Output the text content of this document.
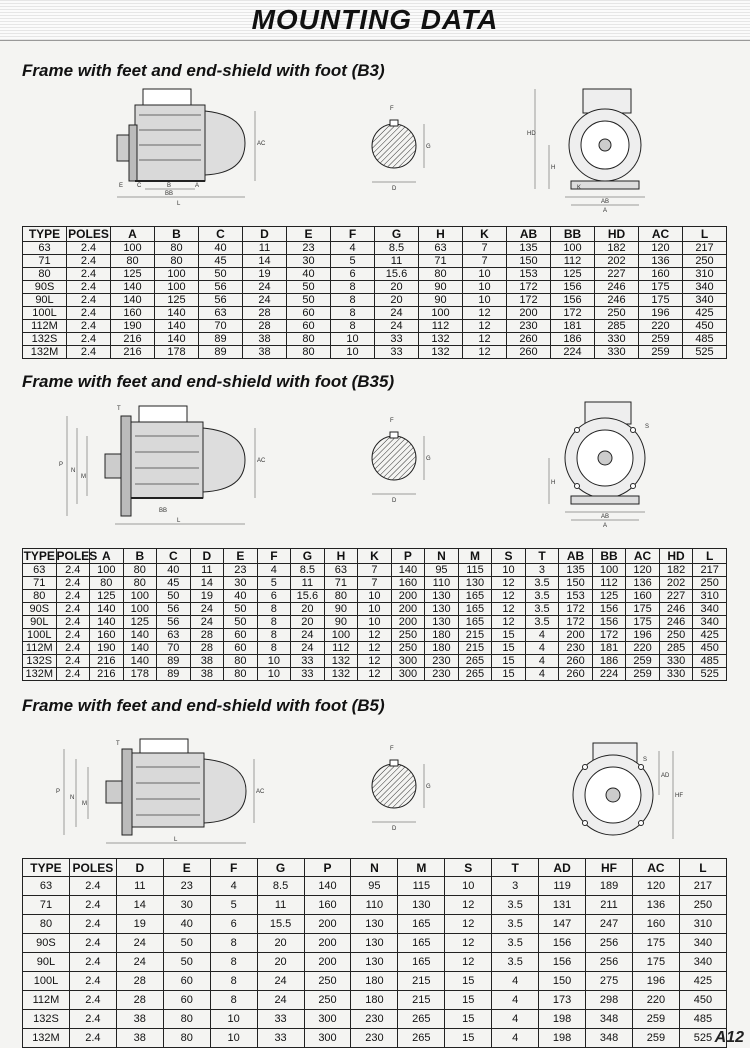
MOUNTING DATA
Frame with feet and end-shield with foot (B3)
AC
L
E C	B
BB
A
F
G
D
HD
H
K
AB
A
TYPE	POLES	A	B	C	D	E	F	G	H	K	AB	BB	HD	AC	L
63	2.4	100	80	40	11	23	4	8.5	63	7	135	100	182	120	217
71	2.4	80	80	45	14	30	5	11	71	7	150	112	202	136	250
80	2.4	125	100	50	19	40	6	15.6	80	10	153	125	227	160	310
90S	2.4	140	100	56	24	50	8	20	90	10	172	156	246	175	340
90L	2.4	140	125	56	24	50	8	20	90	10	172	156	246	175	340
100L	2.4	160	140	63	28	60	8	24	100	12	200	172	250	196	425
112M	2.4	190	140	70	28	60	8	24	112	12	230	181	285	220	450
132S	2.4	216	140	89	38	80	10	33	132	12	260	186	330	259	485
132M	2.4	216	178	89	38	80	10	33	132	12	260	224	330	259	525
Frame with feet and end-shield with foot (B35)
T
AC
P
N
M
L
BB
F
G
D
S
H
AB
A
TYPE	POLES	A	B	C	D	E	F	G	H	K	P	N	M	S	T	AB	BB	AC	HD	L
63	2.4	100	80	40	11	23	4	8.5	63	7	140	95	115	10	3	135	100	120	182	217
71	2.4	80	80	45	14	30	5	11	71	7	160	110	130	12	3.5	150	112	136	202	250
80	2.4	125	100	50	19	40	6	15.6	80	10	200	130	165	12	3.5	153	125	160	227	310
90S	2.4	140	100	56	24	50	8	20	90	10	200	130	165	12	3.5	172	156	175	246	340
90L	2.4	140	125	56	24	50	8	20	90	10	200	130	165	12	3.5	172	156	175	246	340
100L	2.4	160	140	63	28	60	8	24	100	12	250	180	215	15	4	200	172	196	250	425
112M	2.4	190	140	70	28	60	8	24	112	12	250	180	215	15	4	230	181	220	285	450
132S	2.4	216	140	89	38	80	10	33	132	12	300	230	265	15	4	260	186	259	330	485
132M	2.4	216	178	89	38	80	10	33	132	12	300	230	265	15	4	260	224	259	330	525
Frame with feet and end-shield with foot (B5)
T
P
N
M
AC
L
F
G
D
AD
HF
S
TYPE	POLES	D	E	F	G	P	N	M	S	T	AD	HF	AC	L
63	2.4	11	23	4	8.5	140	95	115	10	3	119	189	120	217
71	2.4	14	30	5	11	160	110	130	12	3.5	131	211	136	250
80	2.4	19	40	6	15.5	200	130	165	12	3.5	147	247	160	310
90S	2.4	24	50	8	20	200	130	165	12	3.5	156	256	175	340
90L	2.4	24	50	8	20	200	130	165	12	3.5	156	256	175	340
100L	2.4	28	60	8	24	250	180	215	15	4	150	275	196	425
112M	2.4	28	60	8	24	250	180	215	15	4	173	298	220	450
132S	2.4	38	80	10	33	300	230	265	15	4	198	348	259	485
132M	2.4	38	80	10	33	300	230	265	15	4	198	348	259	525 A12
